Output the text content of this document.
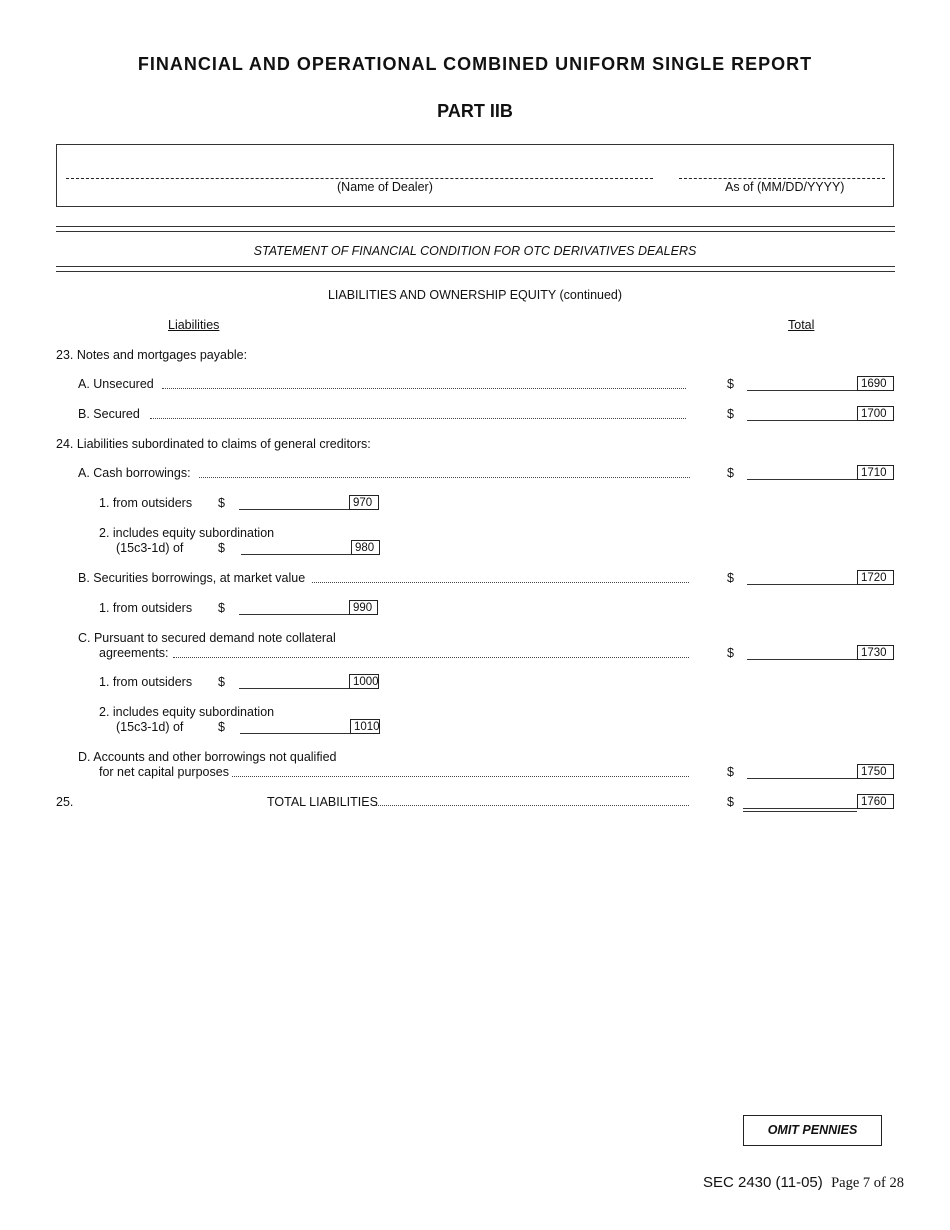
FINANCIAL AND OPERATIONAL COMBINED UNIFORM SINGLE REPORT
PART IIB
(Name of Dealer)	As of (MM/DD/YYYY)
STATEMENT OF FINANCIAL CONDITION FOR OTC DERIVATIVES DEALERS
LIABILITIES AND OWNERSHIP EQUITY (continued)
Liabilities	Total
23. Notes and mortgages payable:
A. Unsecured	$	1690
B. Secured	$	1700
24. Liabilities subordinated to claims of general creditors:
A. Cash borrowings:	$	1710
1. from outsiders $	970
2. includes equity subordination
(15c3-1d) of	$	980
B. Securities borrowings, at market value	$	1720
1. from outsiders $	990
C. Pursuant to secured demand note collateral
agreements:	$	1730
1. from outsiders $	1000
2. includes equity subordination
(15c3-1d) of	$	1010
D. Accounts and other borrowings not qualified
for net capital purposes	$	1750
25.	TOTAL LIABILITIES	$	1760
OMIT PENNIES
SEC 2430 (11-05) Page 7 of 28
